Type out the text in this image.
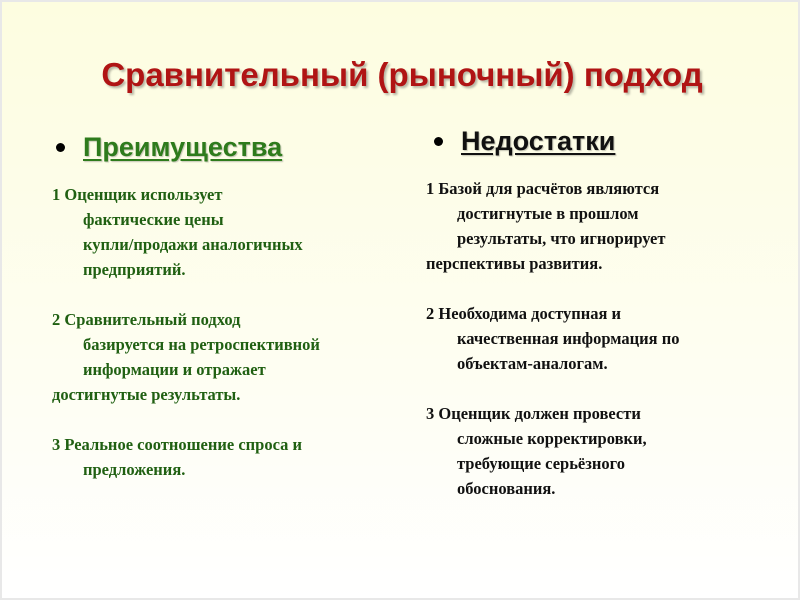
Сравнительный (рыночный) подход
Преимущества	Недостатки
1 Оценщик использует
фактические цены
купли/продажи аналогичных
предприятий.
2 Сравнительный подход
базируется на ретроспективной
информации и отражает
достигнутые результаты.
3 Реальное соотношение спроса и
предложения.
1 Базой для расчётов являются
достигнутые в прошлом
результаты, что игнорирует
перспективы развития.
2 Необходима доступная и
качественная информация по
объектам-аналогам.
3 Оценщик должен провести
сложные корректировки,
требующие серьёзного
обоснования.
